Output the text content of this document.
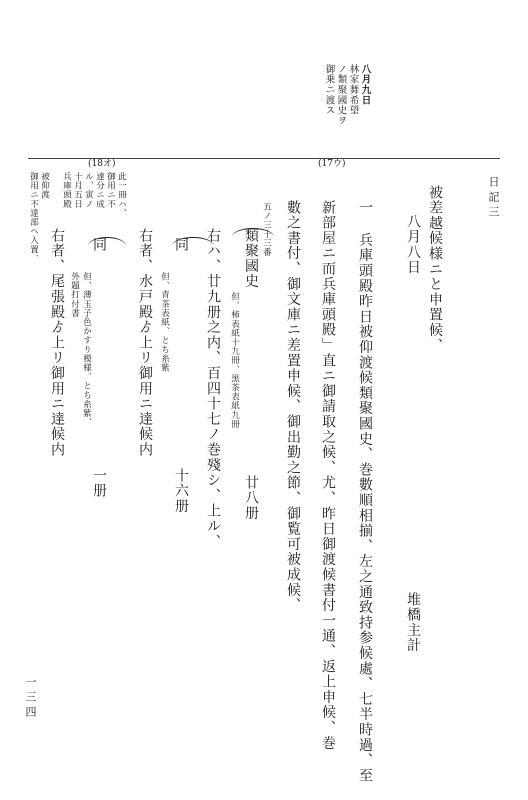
日記三
一三四
八月九日
林家舞希望
ノ類聚國史ヲ
御乗ニ渡ス
(17ウ)
(18オ)
被差越候様ニと申置候、
八月八日
堆橋主計
一 兵庫頭殿昨日被仰渡候類聚國史、巻數順相揃、左之通致持参候處、七半時過、至
新部屋ニ而兵庫頭殿」直ニ御請取之候、尤、昨日御渡候書付一通、返上申候、巻
數之書付、御文庫ニ差置申候、御出勤之節、御覧可被成候、
五ノ三十三番
類聚國史
廿八册
但、柿表紙十九冊、黒茶表紙九冊
右ハ、廿九册之内、百四十七ノ巻殘シ、上ル、
同
十六册
但、青茶表紙、とち糸紫
右者、水戸殿ゟ上リ御用ニ達候内
同
一册
但、薄玉子色かすり模様、とち糸紫、
外題打付書
右者、尾張殿ゟ上リ御用ニ達候内
此一冊ハ、
御用ニ不
達分ニ成
ル、寅ノ
十月五日
兵庫頭殿
被仰渡
御用ニ不達部ヘ入置、
